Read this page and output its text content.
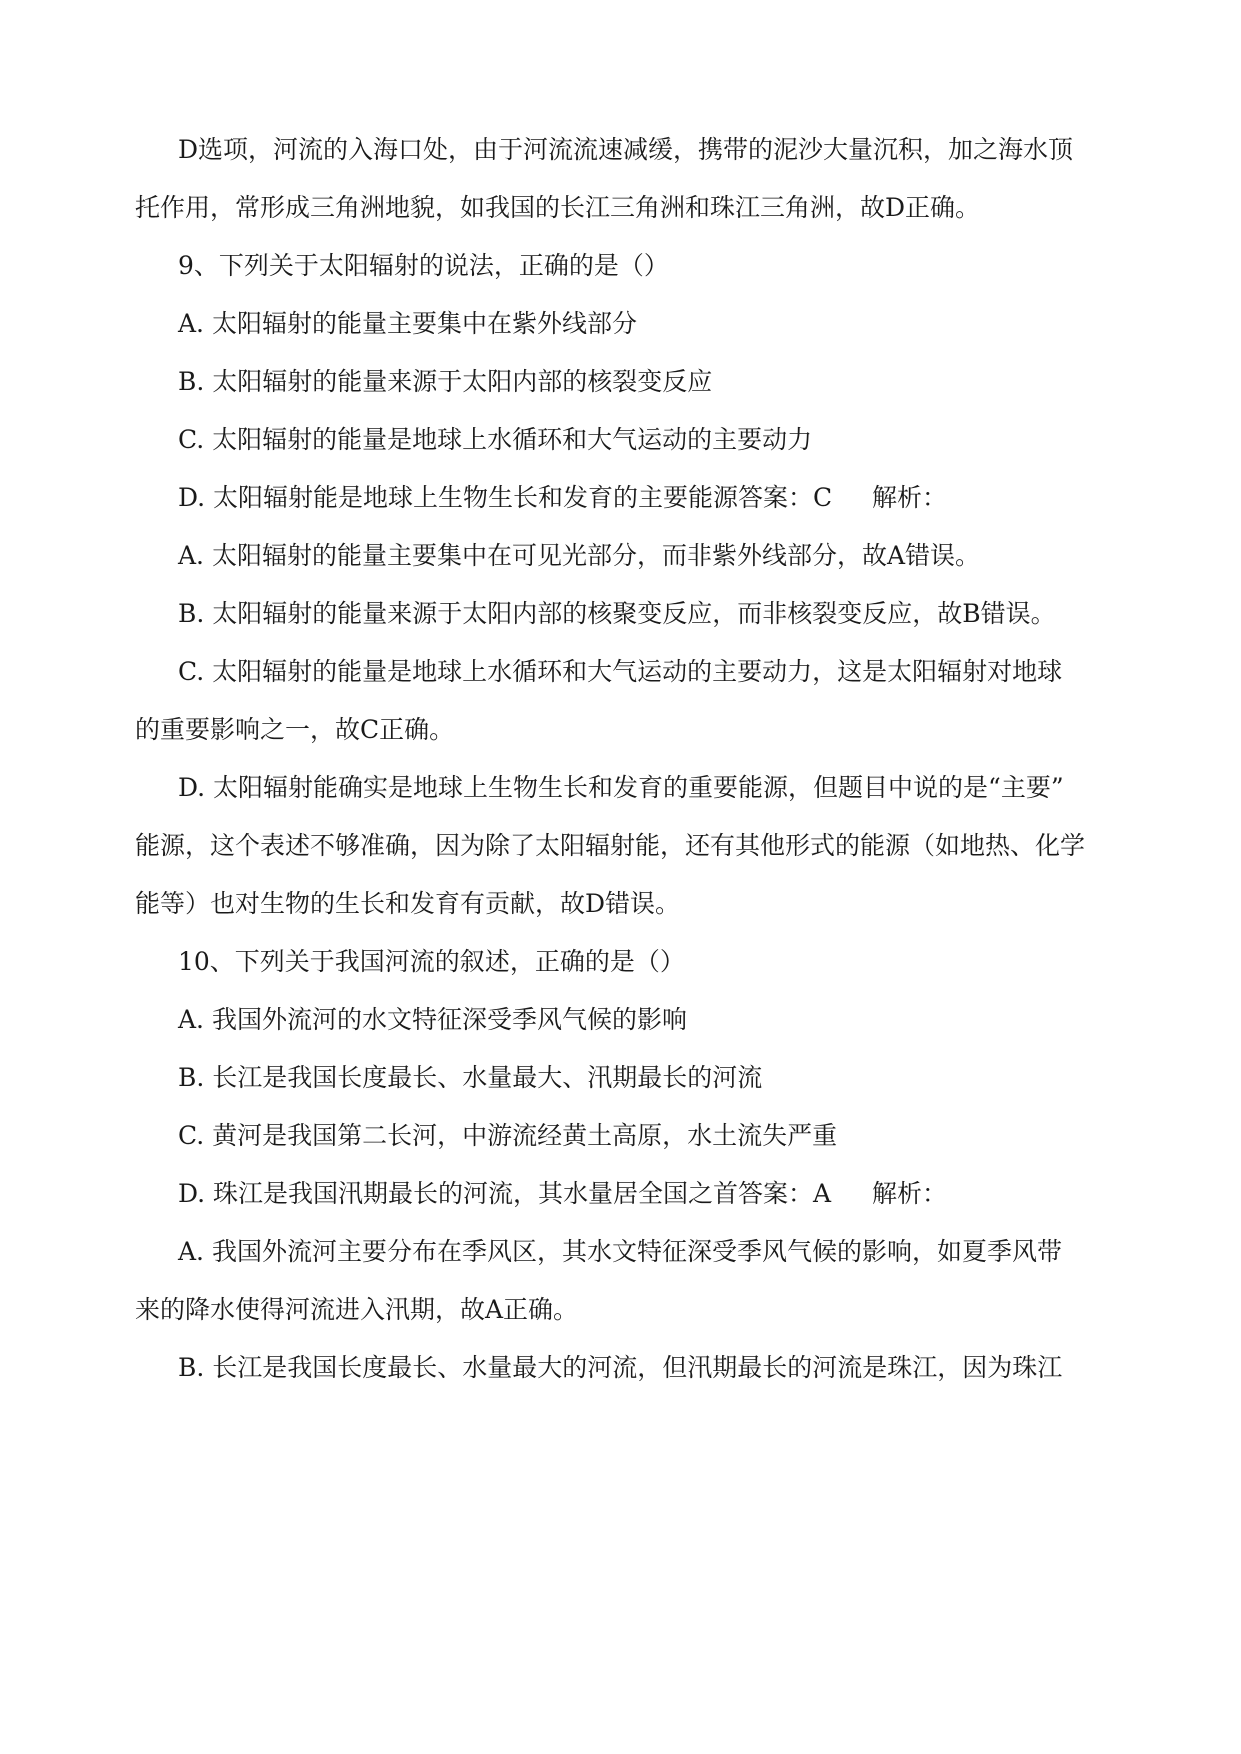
D选项，河流的入海口处，由于河流流速减缓，携带的泥沙大量沉积，加之海水顶
托作用，常形成三角洲地貌，如我国的长江三角洲和珠江三角洲，故D正确。
9、下列关于太阳辐射的说法，正确的是（）
A. 太阳辐射的能量主要集中在紫外线部分
B. 太阳辐射的能量来源于太阳内部的核裂变反应
C. 太阳辐射的能量是地球上水循环和大气运动的主要动力
D. 太阳辐射能是地球上生物生长和发育的主要能源 答案：C 解析：
A. 太阳辐射的能量主要集中在可见光部分，而非紫外线部分，故A错误。
B. 太阳辐射的能量来源于太阳内部的核聚变反应，而非核裂变反应，故B错误。
C. 太阳辐射的能量是地球上水循环和大气运动的主要动力，这是太阳辐射对地球
的重要影响之一，故C正确。
D. 太阳辐射能确实是地球上生物生长和发育的重要能源，但题目中说的是“主要”
能源，这个表述不够准确，因为除了太阳辐射能，还有其他形式的能源（如地热、化学
能等）也对生物的生长和发育有贡献，故D错误。
10、下列关于我国河流的叙述，正确的是（）
A. 我国外流河的水文特征深受季风气候的影响
B. 长江是我国长度最长、水量最大、汛期最长的河流
C. 黄河是我国第二长河，中游流经黄土高原，水土流失严重
D. 珠江是我国汛期最长的河流，其水量居全国之首 答案：A 解析：
A. 我国外流河主要分布在季风区，其水文特征深受季风气候的影响，如夏季风带
来的降水使得河流进入汛期，故A正确。
B. 长江是我国长度最长、水量最大的河流，但汛期最长的河流是珠江，因为珠江
